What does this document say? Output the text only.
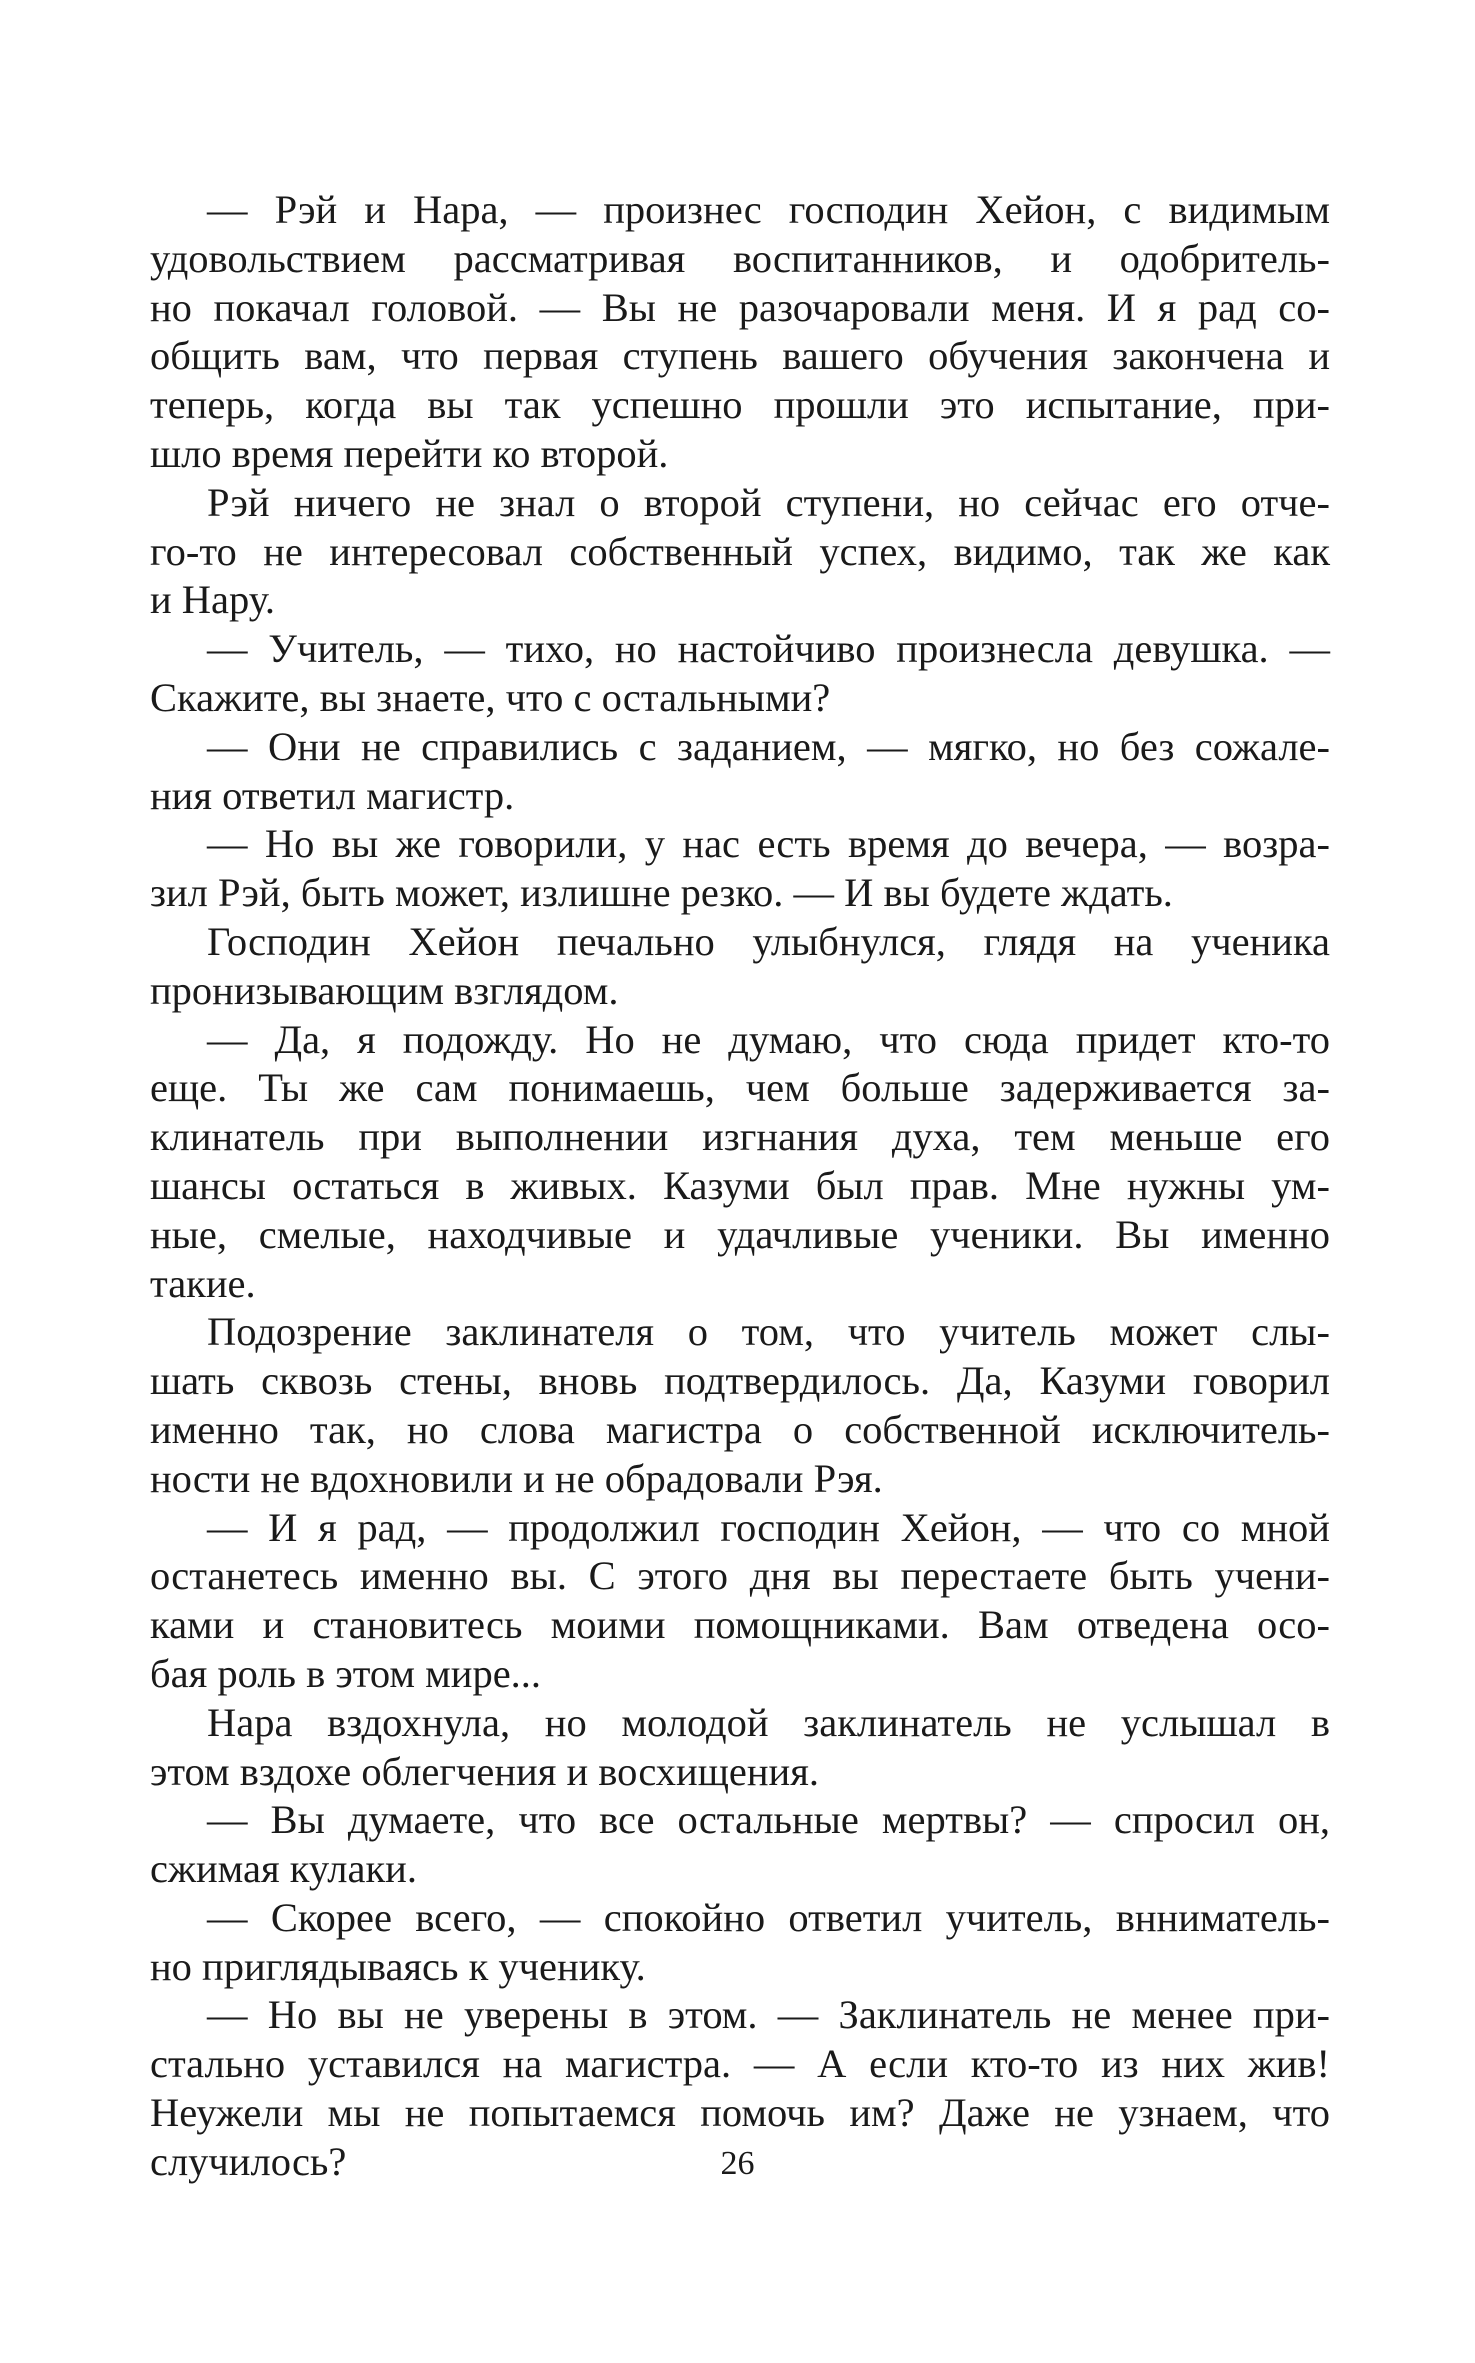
— Рэй и Нара, — произнес господин Хейон, с видимым
удовольствием рассматривая воспитанников, и одобритель-
но покачал головой. — Вы не разочаровали меня. И я рад со-
общить вам, что первая ступень вашего обучения закончена и
теперь, когда вы так успешно прошли это испытание, при-
шло время перейти ко второй.
Рэй ничего не знал о второй ступени, но сейчас его отче-
го-то не интересовал собственный успех, видимо, так же как
и Нару.
— Учитель, — тихо, но настойчиво произнесла девушка. —
Скажите, вы знаете, что с остальными?
— Они не справились с заданием, — мягко, но без сожале-
ния ответил магистр.
— Но вы же говорили, у нас есть время до вечера, — возра-
зил Рэй, быть может, излишне резко. — И вы будете ждать.
Господин Хейон печально улыбнулся, глядя на ученика
пронизывающим взглядом.
— Да, я подожду. Но не думаю, что сюда придет кто-то
еще. Ты же сам понимаешь, чем больше задерживается за-
клинатель при выполнении изгнания духа, тем меньше его
шансы остаться в живых. Казуми был прав. Мне нужны ум-
ные, смелые, находчивые и удачливые ученики. Вы именно
такие.
Подозрение заклинателя о том, что учитель может слы-
шать сквозь стены, вновь подтвердилось. Да, Казуми говорил
именно так, но слова магистра о собственной исключитель-
ности не вдохновили и не обрадовали Рэя.
— И я рад, — продолжил господин Хейон, — что со мной
останетесь именно вы. С этого дня вы перестаете быть учени-
ками и становитесь моими помощниками. Вам отведена осо-
бая роль в этом мире...
Нара вздохнула, но молодой заклинатель не услышал в
этом вздохе облегчения и восхищения.
— Вы думаете, что все остальные мертвы? — спросил он,
сжимая кулаки.
— Скорее всего, — спокойно ответил учитель, внниматель-
но приглядываясь к ученику.
— Но вы не уверены в этом. — Заклинатель не менее при-
стально уставился на магистра. — А если кто-то из них жив!
Неужели мы не попытаемся помочь им? Даже не узнаем, что
случилось?	26
